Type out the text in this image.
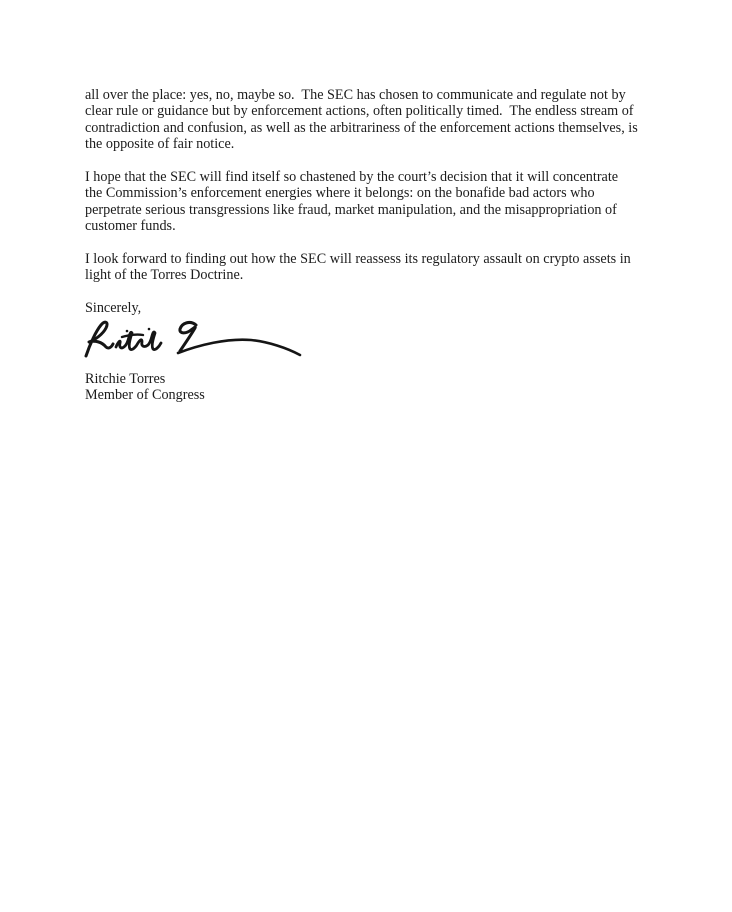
all over the place: yes, no, maybe so.  The SEC has chosen to communicate and regulate not by
clear rule or guidance but by enforcement actions, often politically timed.  The endless stream of
contradiction and confusion, as well as the arbitrariness of the enforcement actions themselves, is
the opposite of fair notice.
I hope that the SEC will find itself so chastened by the court’s decision that it will concentrate
the Commission’s enforcement energies where it belongs: on the bonafide bad actors who
perpetrate serious transgressions like fraud, market manipulation, and the misappropriation of
customer funds.
I look forward to finding out how the SEC will reassess its regulatory assault on crypto assets in
light of the Torres Doctrine.
Sincerely,
Ritchie Torres
Member of Congress
